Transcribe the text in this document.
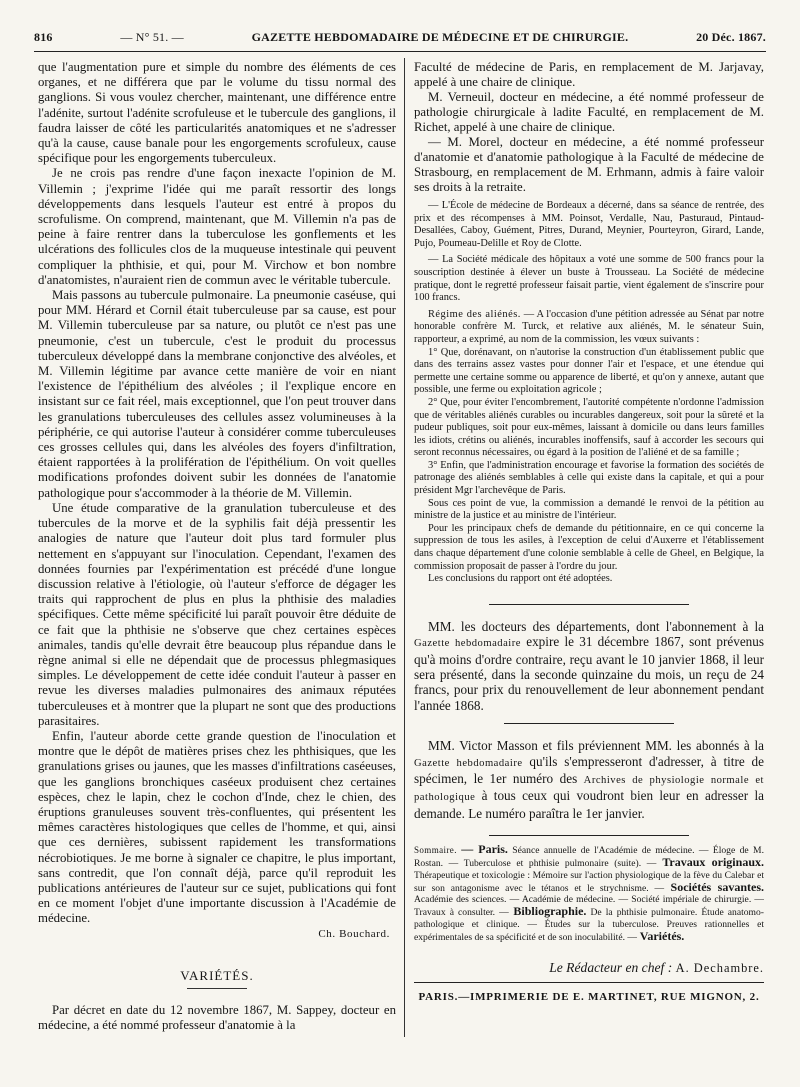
816	— N° 51. —	GAZETTE HEBDOMADAIRE DE MÉDECINE ET DE CHIRURGIE.	20 Déc. 1867.

que l'augmentation pure et simple du nombre des éléments de ces organes, et ne différera que par le volume du tissu normal des ganglions. Si vous voulez chercher, maintenant, une différence entre l'adénite, surtout l'adénite scrofuleuse et le tubercule des ganglions, il faudra laisser de côté les particularités anatomiques et ne s'adresser qu'à la cause, cause banale pour les engorgements scrofuleux, cause spécifique pour les engorgements tuberculeux.

Je ne crois pas rendre d'une façon inexacte l'opinion de M. Villemin ; j'exprime l'idée qui me paraît ressortir des longs développements dans lesquels l'auteur est entré à propos du scrofulisme. On comprend, maintenant, que M. Villemin n'a pas de peine à faire rentrer dans la tuberculose les gonflements et les ulcérations des follicules clos de la muqueuse intestinale qui peuvent compliquer la phthisie, et qui, pour M. Virchow et bon nombre d'anatomistes, n'auraient rien de commun avec le véritable tubercule.

Mais passons au tubercule pulmonaire. La pneumonie caséuse, qui pour MM. Hérard et Cornil était tuberculeuse par sa cause, est pour M. Villemin tuberculeuse par sa nature, ou plutôt ce n'est pas une pneumonie, c'est un tubercule, c'est le produit du processus tuberculeux développé dans la membrane conjonctive des alvéoles, et M. Villemin légitime par avance cette manière de voir en niant l'existence de l'épithélium des alvéoles ; il l'explique encore en insistant sur ce fait réel, mais exceptionnel, que l'on peut trouver dans les granulations tuberculeuses des cellules assez volumineuses à la périphérie, ce qui autorise l'auteur à considérer comme tuberculeuses ces grosses cellules qui, dans les alvéoles des foyers d'infiltration, étaient rapportées à la prolifération de l'épithélium. On voit quelles modifications profondes doivent subir les données de l'anatomie pathologique pour s'accommoder à la théorie de M. Villemin.

Une étude comparative de la granulation tuberculeuse et des tubercules de la morve et de la syphilis fait déjà pressentir les analogies de nature que l'auteur doit plus tard formuler plus nettement en s'appuyant sur l'inoculation. Cependant, l'examen des données fournies par l'expérimentation est précédé d'une longue discussion relative à l'étiologie, où l'auteur s'efforce de dégager les traits qui rapprochent de plus en plus la phthisie des maladies spécifiques. Cette même spécificité lui paraît pouvoir être déduite de ce fait que la phthisie ne s'observe que chez certaines espèces animales, tandis qu'elle devrait être beaucoup plus répandue dans le règne animal si elle ne dépendait que de processus phlegmasiques simples. Le développement de cette idée conduit l'auteur à passer en revue les diverses maladies pulmonaires des animaux réputées tuberculeuses et à montrer que la plupart ne sont que des productions parasitaires.

Enfin, l'auteur aborde cette grande question de l'inoculation et montre que le dépôt de matières prises chez les phthisiques, que les granulations grises ou jaunes, que les masses d'infiltrations caséeuses, que les ganglions bronchiques caséeux produisent chez certaines espèces, chez le lapin, chez le cochon d'Inde, chez le chien, des éruptions granuleuses souvent très-confluentes, qui présentent les mêmes caractères histologiques que celles de l'homme, et qui, ainsi que ces dernières, subissent rapidement les transformations nécrobiotiques. Je me borne à signaler ce chapitre, le plus important, sans contredit, que l'on connaît déjà, parce qu'il reproduit les publications antérieures de l'auteur sur ce sujet, publications qui font en ce moment l'objet d'une importante discussion à l'Académie de médecine.

Ch. Bouchard.
VARIÉTÉS.

Par décret en date du 12 novembre 1867, M. Sappey, docteur en médecine, a été nommé professeur d'anatomie à la

Faculté de médecine de Paris, en remplacement de M. Jarjavay, appelé à une chaire de clinique.

M. Verneuil, docteur en médecine, a été nommé professeur de pathologie chirurgicale à ladite Faculté, en remplacement de M. Richet, appelé à une chaire de clinique.

— M. Morel, docteur en médecine, a été nommé professeur d'anatomie et d'anatomie pathologique à la Faculté de médecine de Strasbourg, en remplacement de M. Erhmann, admis à faire valoir ses droits à la retraite.

— L'École de médecine de Bordeaux a décerné, dans sa séance de rentrée, des prix et des récompenses à MM. Poinsot, Verdalle, Nau, Pasturaud, Pintaud-Desallées, Caboy, Guément, Pitres, Durand, Meynier, Pourteyron, Girard, Lande, Pujo, Poumeau-Delille et Roy de Clotte.

— La Société médicale des hôpitaux a voté une somme de 500 francs pour la souscription destinée à élever un buste à Trousseau. La Société de médecine pratique, dont le regretté professeur faisait partie, vient également de s'inscrire pour 100 francs.

Régime des aliénés. — A l'occasion d'une pétition adressée au Sénat par notre honorable confrère M. Turck, et relative aux aliénés, M. le sénateur Suin, rapporteur, a exprimé, au nom de la commission, les vœux suivants :

1° Que, dorénavant, on n'autorise la construction d'un établissement public que dans des terrains assez vastes pour donner l'air et l'espace, et une étendue qui permette une certaine somme ou apparence de liberté, et qu'on y annexe, autant que possible, une ferme ou exploitation agricole ;

2° Que, pour éviter l'encombrement, l'autorité compétente n'ordonne l'admission que de véritables aliénés curables ou incurables dangereux, soit pour la sûreté et la pudeur publiques, soit pour eux-mêmes, laissant à domicile ou dans leurs familles les idiots, crétins ou aliénés, incurables inoffensifs, sauf à accorder les secours qui seront reconnus nécessaires, ou égard à la position de l'aliéné et de sa famille ;

3° Enfin, que l'administration encourage et favorise la formation des sociétés de patronage des aliénés semblables à celle qui existe dans la capitale, et qui a pour président Mgr l'archevêque de Paris.

Sous ces point de vue, la commission a demandé le renvoi de la pétition au ministre de la justice et au ministre de l'intérieur.

Pour les principaux chefs de demande du pétitionnaire, en ce qui concerne la suppression de tous les asiles, à l'exception de celui d'Auxerre et l'établissement dans chaque département d'une colonie semblable à celle de Gheel, en Belgique, la commission proposait de passer à l'ordre du jour.

Les conclusions du rapport ont été adoptées.

MM. les docteurs des départements, dont l'abonnement à la Gazette hebdomadaire expire le 31 décembre 1867, sont prévenus qu'à moins d'ordre contraire, reçu avant le 10 janvier 1868, il leur sera présenté, dans la seconde quinzaine du mois, un reçu de 24 francs, pour prix du renouvellement de leur abonnement pendant l'année 1868.

MM. Victor Masson et fils préviennent MM. les abonnés à la Gazette hebdomadaire qu'ils s'empresseront d'adresser, à titre de spécimen, le 1er numéro des Archives de physiologie normale et pathologique à tous ceux qui voudront bien leur en adresser la demande. Le numéro paraîtra le 1er janvier.

Sommaire. — Paris. Séance annuelle de l'Académie de médecine. — Éloge de M. Rostan. — Tuberculose et phthisie pulmonaire (suite). — Travaux originaux. Thérapeutique et toxicologie : Mémoire sur l'action physiologique de la fève du Calebar et sur son antagonisme avec le tétanos et le strychnisme. — Sociétés savantes. Académie des sciences. — Académie de médecine. — Société impériale de chirurgie. — Travaux à consulter. — Bibliographie. De la phthisie pulmonaire. Étude anatomo-pathologique et clinique. — Études sur la tuberculose. Preuves rationnelles et expérimentales de sa spécificité et de son inoculabilité. — Variétés.
Le Rédacteur en chef : A. Dechambre.
PARIS.—IMPRIMERIE DE E. MARTINET, RUE MIGNON, 2.
